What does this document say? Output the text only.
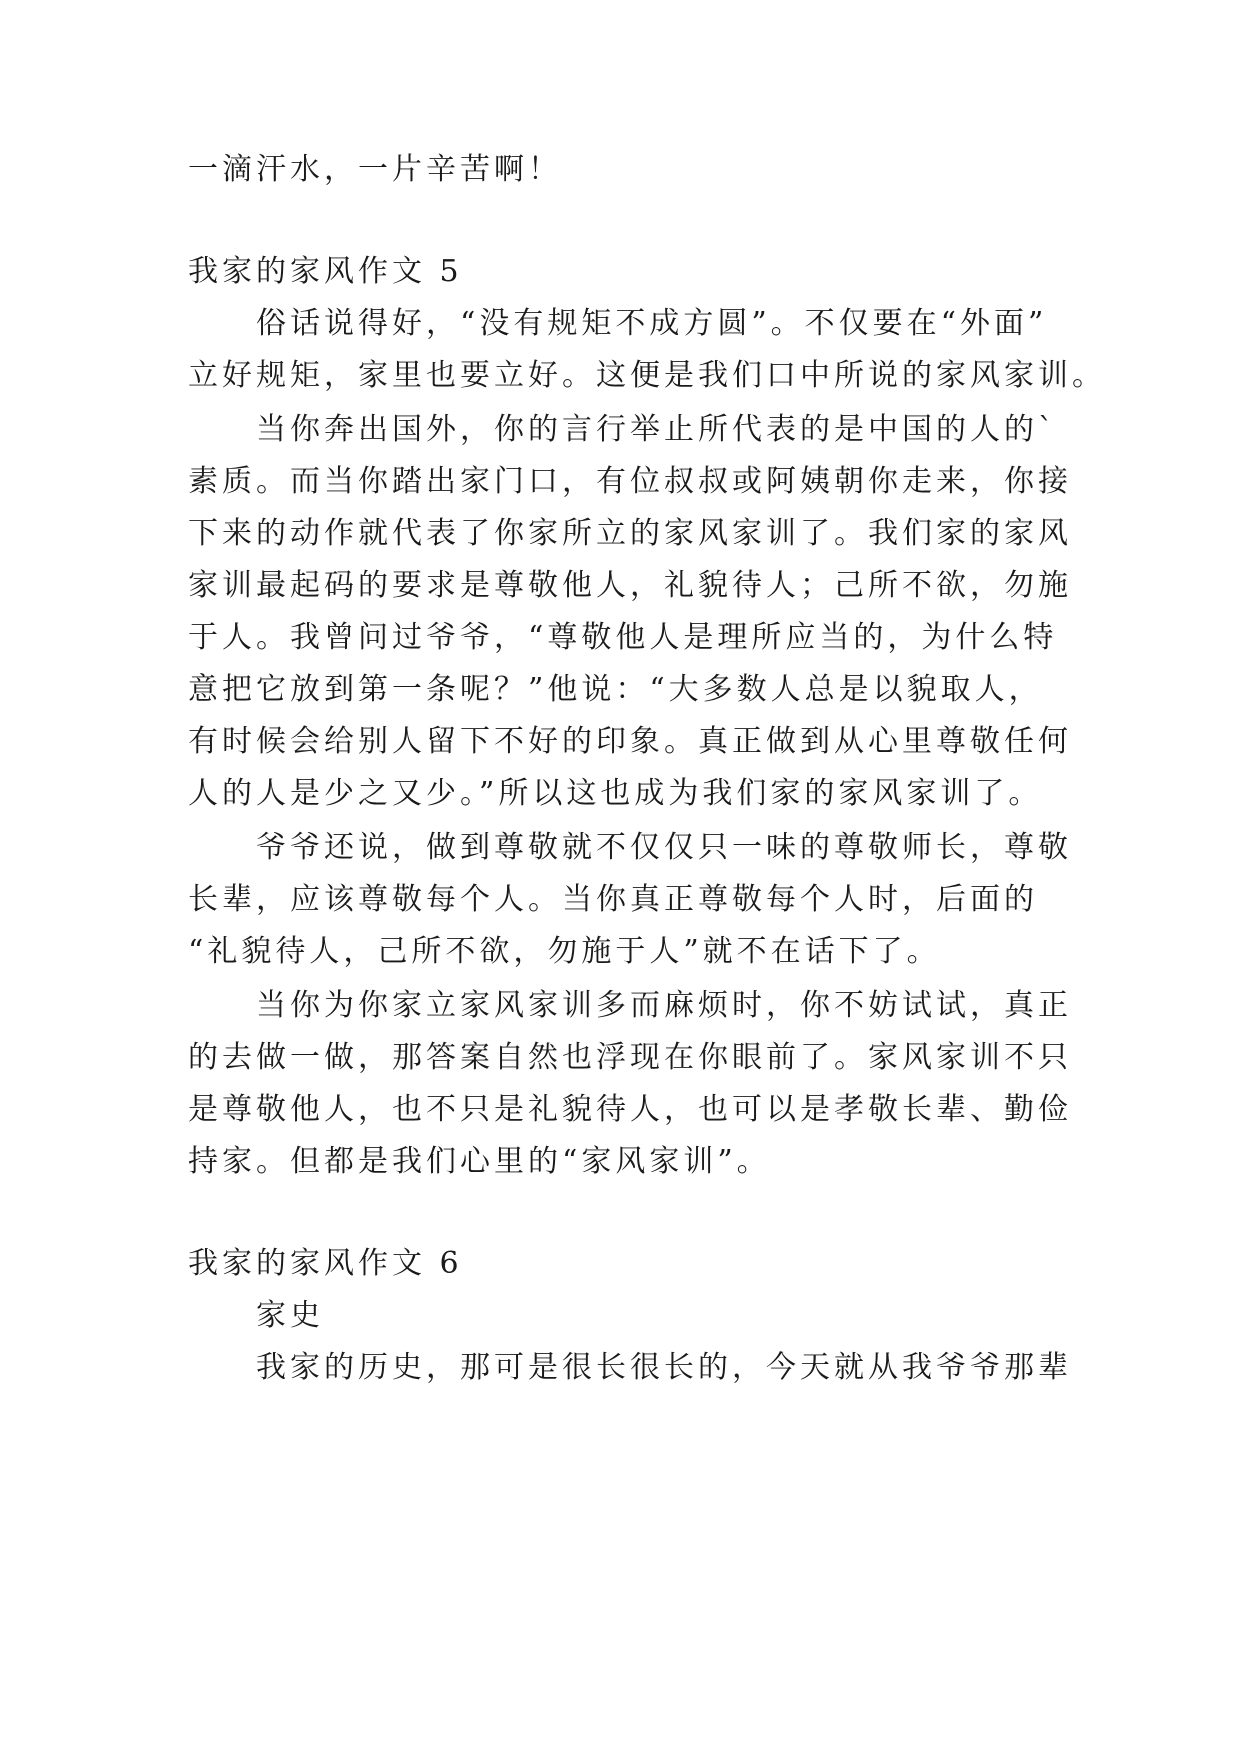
一滴汗水，一片辛苦啊！
我家的家风作文 5
俗话说得好，“没有规矩不成方圆”。不仅要在“外面”
立好规矩，家里也要立好。这便是我们口中所说的家风家训。
当你奔出国外，你的言行举止所代表的是中国的人的`
素质。而当你踏出家门口，有位叔叔或阿姨朝你走来，你接
下来的动作就代表了你家所立的家风家训了。我们家的家风
家训最起码的要求是尊敬他人，礼貌待人；己所不欲，勿施
于人。我曾问过爷爷，“尊敬他人是理所应当的，为什么特
意把它放到第一条呢？”他说：“大多数人总是以貌取人，
有时候会给别人留下不好的印象。真正做到从心里尊敬任何
人的人是少之又少。”所以这也成为我们家的家风家训了。
爷爷还说，做到尊敬就不仅仅只一味的尊敬师长，尊敬
长辈，应该尊敬每个人。当你真正尊敬每个人时，后面的
“礼貌待人，己所不欲，勿施于人”就不在话下了。
当你为你家立家风家训多而麻烦时，你不妨试试，真正
的去做一做，那答案自然也浮现在你眼前了。家风家训不只
是尊敬他人，也不只是礼貌待人，也可以是孝敬长辈、勤俭
持家。但都是我们心里的“家风家训”。
我家的家风作文 6
家史
我家的历史，那可是很长很长的，今天就从我爷爷那辈
